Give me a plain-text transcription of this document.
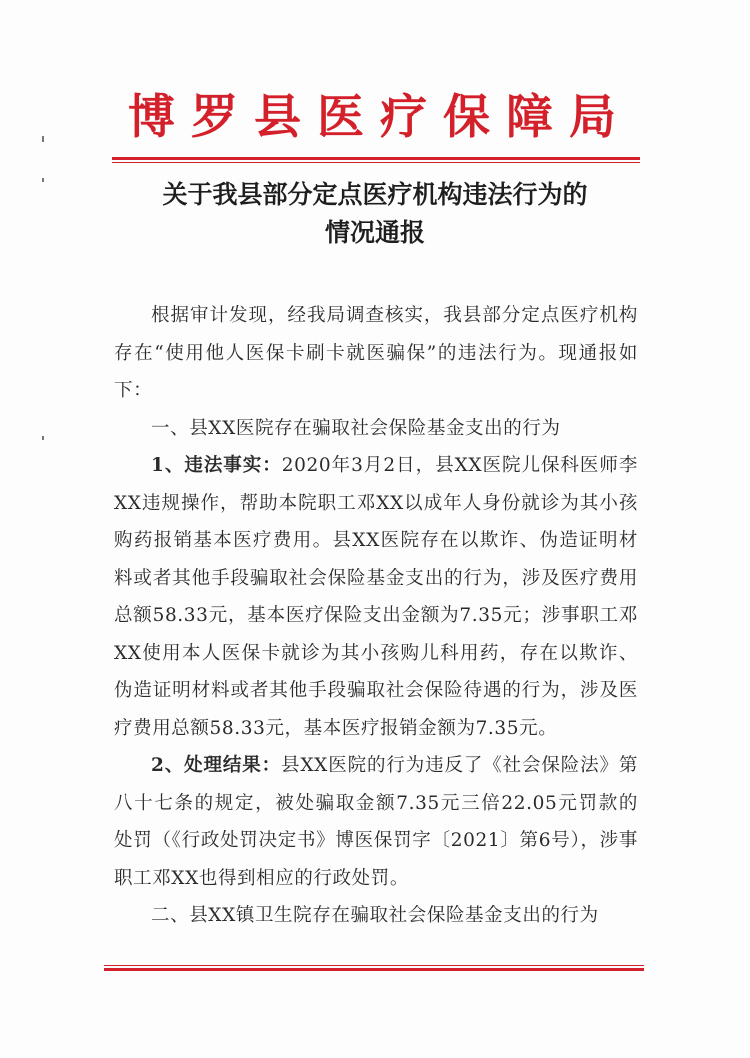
博罗县医疗保障局
关于我县部分定点医疗机构违法行为的
情况通报

根据审计发现，经我局调查核实，我县部分定点医疗机构存在“使用他人医保卡刷卡就医骗保”的违法行为。现通报如下：

一、县XX医院存在骗取社会保险基金支出的行为

1、违法事实：2020年3月2日，县XX医院儿保科医师李XX违规操作，帮助本院职工邓XX以成年人身份就诊为其小孩购药报销基本医疗费用。县XX医院存在以欺诈、伪造证明材料或者其他手段骗取社会保险基金支出的行为，涉及医疗费用总额58.33元，基本医疗保险支出金额为7.35元；涉事职工邓XX使用本人医保卡就诊为其小孩购儿科用药，存在以欺诈、伪造证明材料或者其他手段骗取社会保险待遇的行为，涉及医疗费用总额58.33元，基本医疗报销金额为7.35元。

2、处理结果：县XX医院的行为违反了《社会保险法》第八十七条的规定，被处骗取金额7.35元三倍22.05元罚款的 处罚（《行政处罚决定书》博医保罚字〔2021〕第6号），涉事职工邓XX也得到相应的行政处罚。

二、县XX镇卫生院存在骗取社会保险基金支出的行为
